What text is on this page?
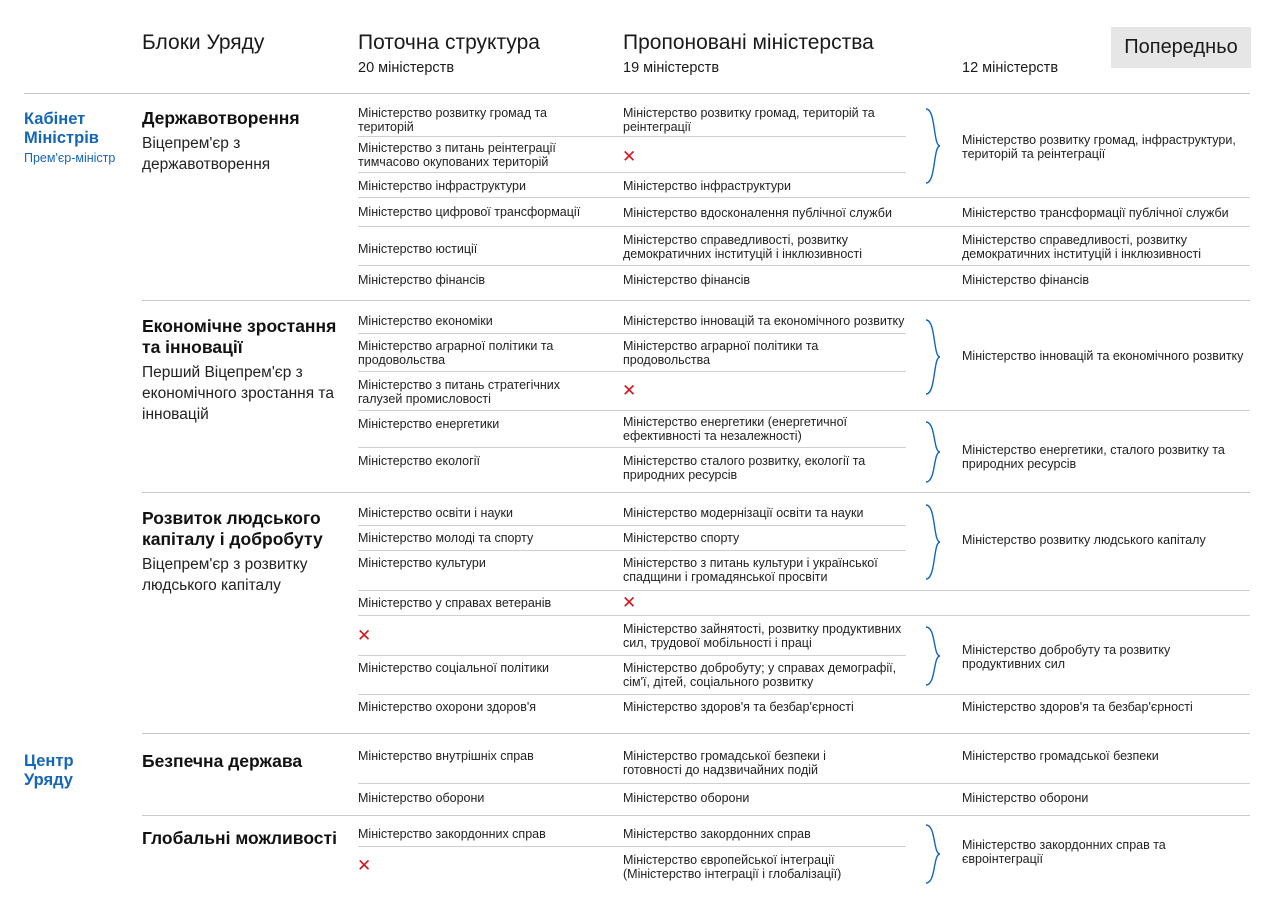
Блоки Уряду	Поточна структура
20 міністерств
Пропоновані міністерства
19 міністерств	12 міністерств
Попередньо
Кабінет
Міністрів
Прем'єр-міністр
Центр
Уряду
Державотворення
Віцепрем'єр з державотворення
Економічне зростання та інновації
Перший Віцепрем'єр з економічного зростання та інновацій
Розвиток людського капіталу і добробуту
Віцепрем'єр з розвитку людського капіталу
Безпечна держава
Глобальні можливості
Міністерство розвитку громад та територій
Міністерство з питань реінтеграції тимчасово окупованих територій
Міністерство інфраструктури
Міністерство цифрової трансформації
Міністерство юстиції
Міністерство фінансів
Міністерство економіки
Міністерство аграрної політики та продовольства
Міністерство з питань стратегічних галузей промисловості
Міністерство енергетики
Міністерство екології
Міністерство освіти і науки
Міністерство молоді та спорту
Міністерство культури
Міністерство у справах ветеранів
✕
Міністерство соціальної політики
Міністерство охорони здоров'я
Міністерство внутрішніх справ
Міністерство оборони
Міністерство закордонних справ
✕
Міністерство розвитку громад, територій та реінтеграції
✕
Міністерство інфраструктури
Міністерство вдосконалення публічної служби
Міністерство справедливості, розвитку демократичних інституцій і інклюзивності
Міністерство фінансів
Міністерство інновацій та економічного розвитку
Міністерство аграрної політики та продовольства
✕
Міністерство енергетики (енергетичної ефективності та незалежності)
Міністерство сталого розвитку, екології та природних ресурсів
Міністерство модернізації освіти та науки
Міністерство спорту
Міністерство з питань культури і української спадщини і громадянської просвіти
✕
Міністерство зайнятості, розвитку продуктивних сил, трудової мобільності і праці
Міністерство добробуту; у справах демографії, сім'ї, дітей, соціального розвитку
Міністерство здоров'я та безбар'єрності
Міністерство громадської безпеки і готовності до надзвичайних подій
Міністерство оборони
Міністерство закордонних справ
Міністерство європейської інтеграції (Міністерство інтеграції і глобалізації)
Міністерство розвитку громад, інфраструктури, територій та реінтеграції
Міністерство трансформації публічної служби
Міністерство справедливості, розвитку демократичних інституцій і інклюзивності
Міністерство фінансів
Міністерство інновацій та економічного розвитку
Міністерство енергетики, сталого розвитку та природних ресурсів
Міністерство розвитку людського капіталу
Міністерство добробуту та розвитку продуктивних сил
Міністерство здоров'я та безбар'єрності
Міністерство громадської безпеки
Міністерство оборони
Міністерство закордонних справ та євроінтеграції
